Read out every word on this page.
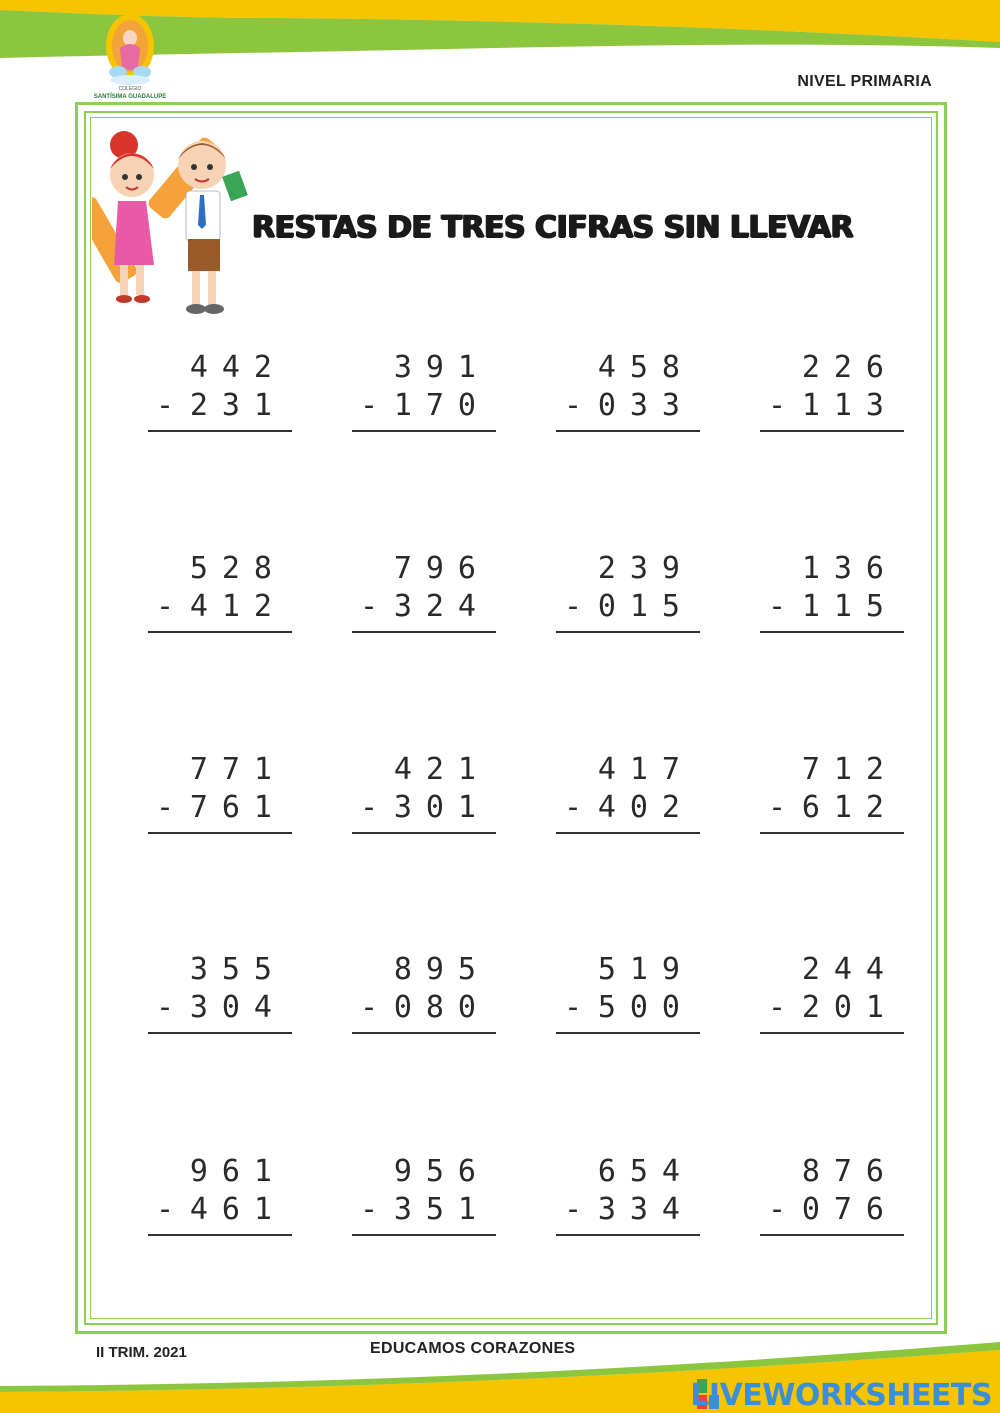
COLEGIO
SANTÍSIMA GUADALUPE
NIVEL PRIMARIA
RESTAS DE TRES CIFRAS SIN LLEVAR
442
- 231
391
- 170
458
- 033
226
- 113
528
- 412
796
- 324
239
- 015
136
- 115
771
- 761
421
- 301
417
- 402
712
- 612
355
- 304
895
- 080
519
- 500
244
- 201
961
- 461
956
- 351
654
- 334
876
- 076
II TRIM. 2021	EDUCAMOS CORAZONES
LIVEWORKSHEETS
